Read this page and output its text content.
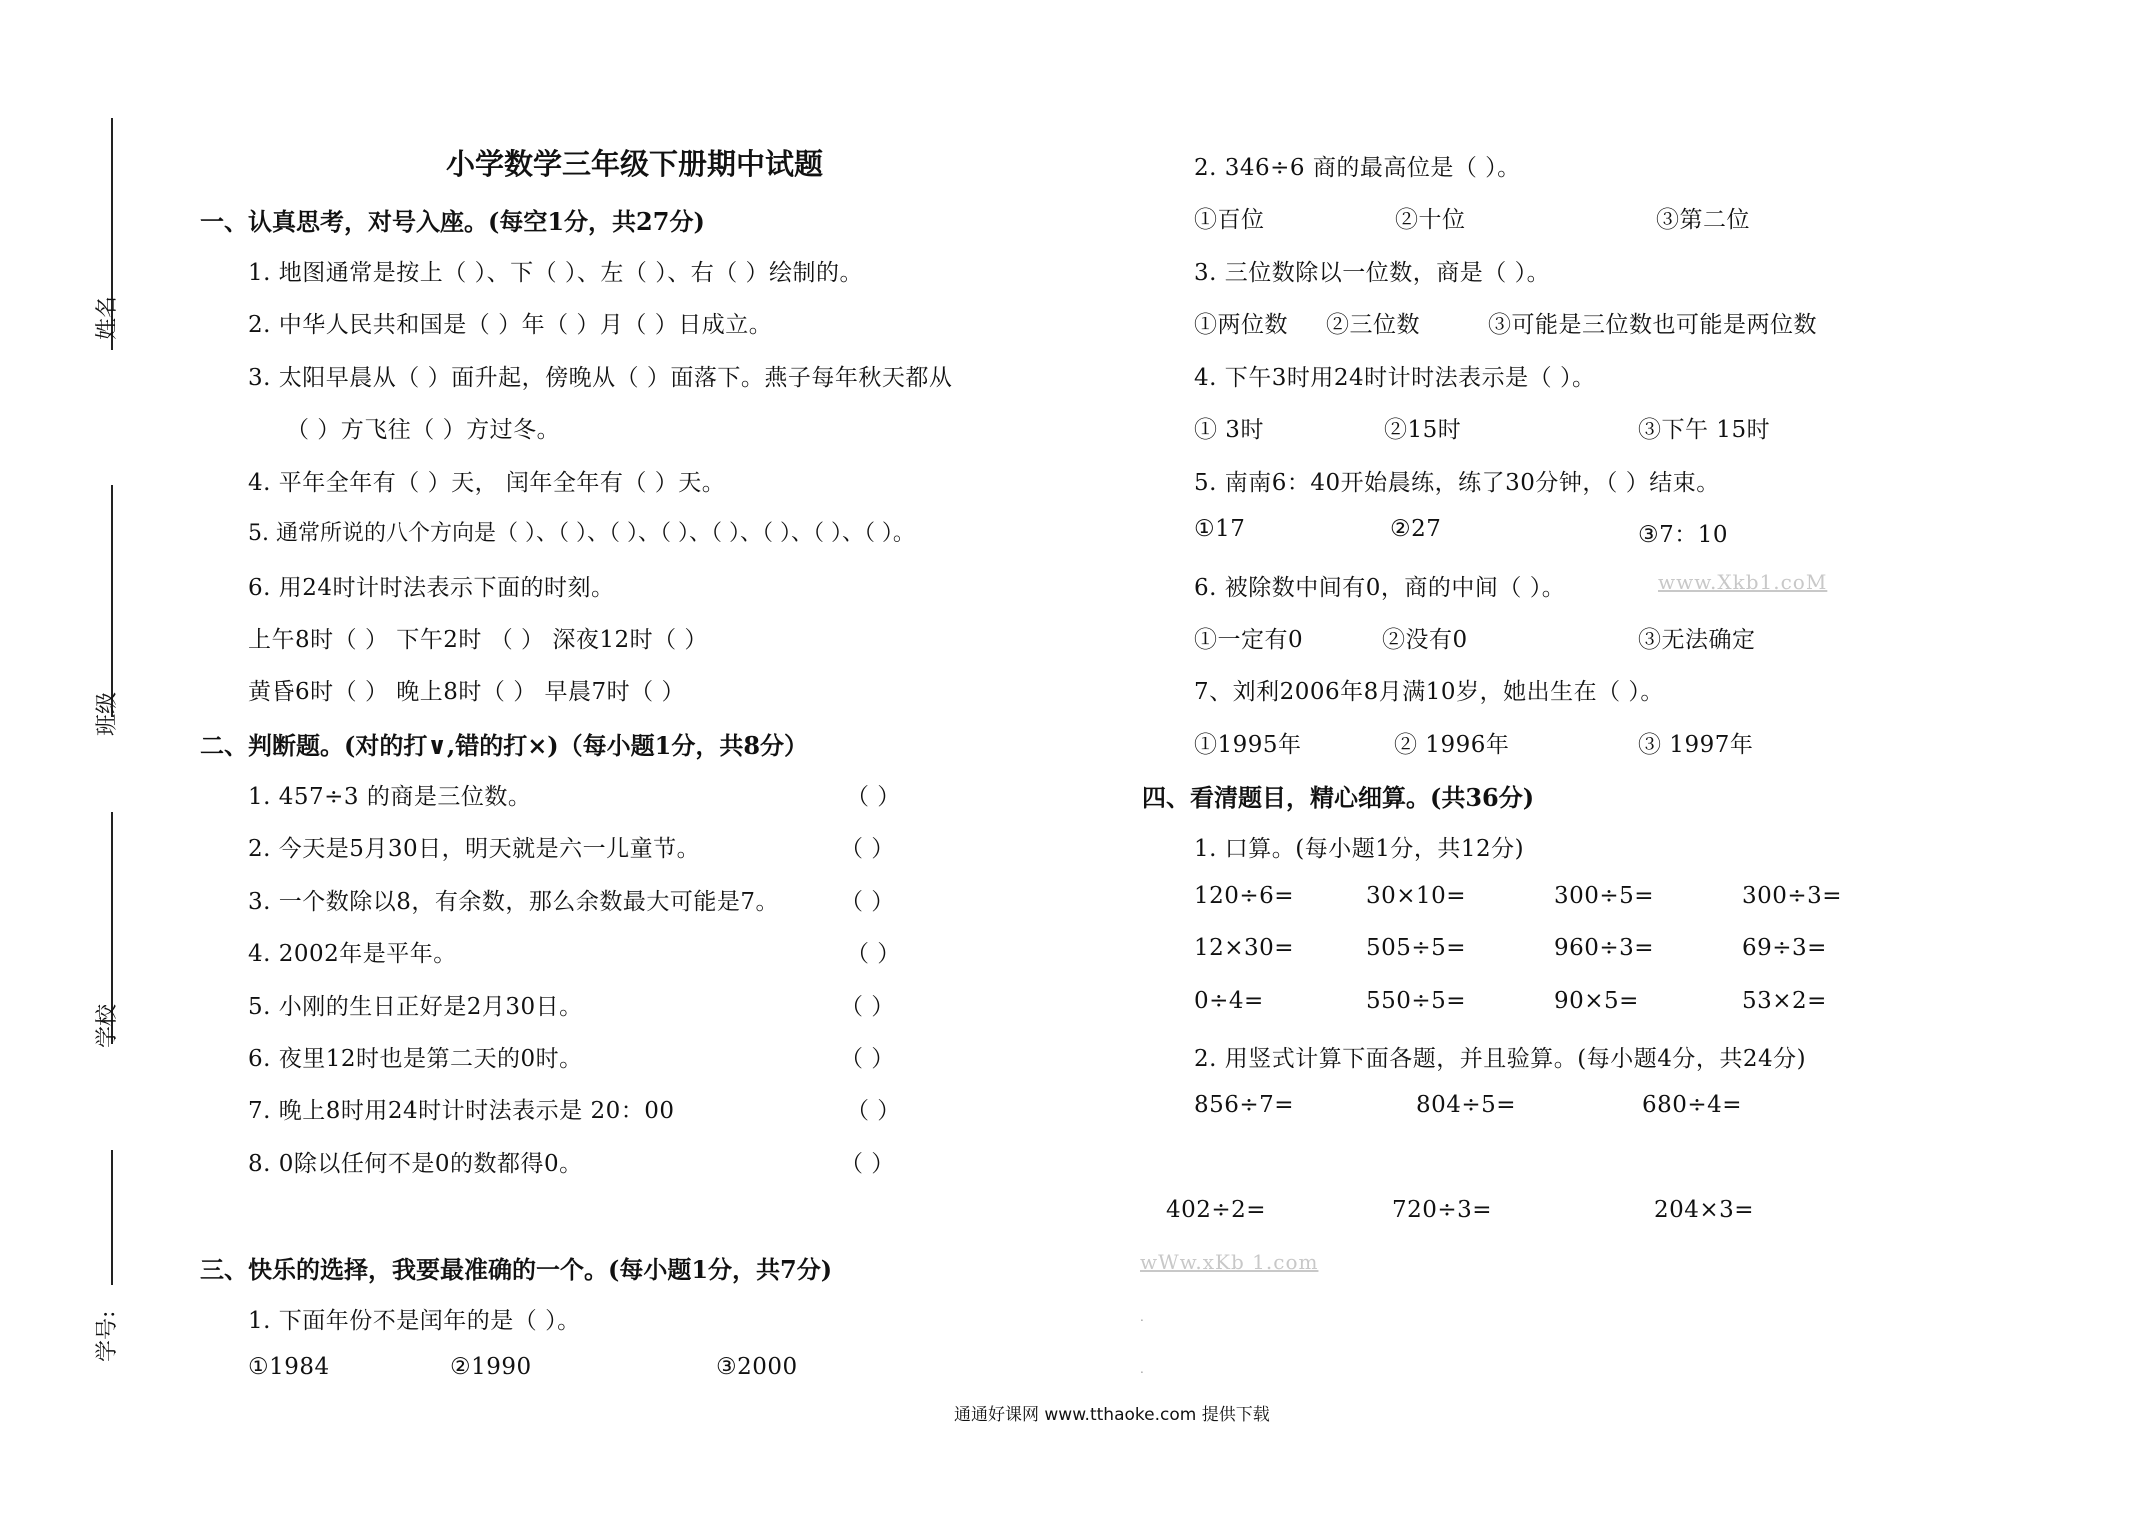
姓名
班级
学校
学号:
小学数学三年级下册期中试题
一、认真思考，对号入座。(每空1分，共27分)
1. 地图通常是按上（ ）、下（ ）、左（ ）、右（ ）绘制的。
2. 中华人民共和国是（ ）年（ ）月（ ）日成立。
3. 太阳早晨从（ ）面升起，傍晚从（ ）面落下。燕子每年秋天都从
（ ）方飞往（ ）方过冬。
4. 平年全年有（ ）天， 闰年全年有（ ）天。
5. 通常所说的八个方向是（ ）、（ ）、（ ）、（ ）、（ ）、（ ）、（ ）、（ ）。
6. 用24时计时法表示下面的时刻。
上午8时（ ） 下午2时 （ ） 深夜12时（ ）
黄昏6时（ ） 晚上8时（ ） 早晨7时（ ）
二、判断题。(对的打∨,错的打×)（每小题1分，共8分）
1. 457÷3 的商是三位数。	（ ）
2. 今天是5月30日，明天就是六一儿童节。	（ ）
3. 一个数除以8，有余数，那么余数最大可能是7。	（ ）
4. 2002年是平年。	（ ）
5. 小刚的生日正好是2月30日。	（ ）
6. 夜里12时也是第二天的0时。	（ ）
7. 晚上8时用24时计时法表示是 20：00	（ ）
8. 0除以任何不是0的数都得0。	（ ）
三、快乐的选择，我要最准确的一个。(每小题1分，共7分)
1. 下面年份不是闰年的是（ ）。
①1984	②1990	③2000
2. 346÷6 商的最高位是（ ）。
①百位	②十位	③第二位
3. 三位数除以一位数，商是（ ）。
①两位数 ②三位数	③可能是三位数也可能是两位数
4. 下午3时用24时计时法表示是（ ）。
① 3时	②15时	③下午 15时
5. 南南6：40开始晨练，练了30分钟，（ ）结束。
①17	②27	③7：10
6. 被除数中间有0，商的中间（ ）。	www.Xkb1.coM
①一定有0	②没有0	③无法确定
7、刘利2006年8月满10岁，她出生在（ ）。
①1995年	② 1996年	③ 1997年
四、看清题目，精心细算。(共36分)
1. 口算。(每小题1分，共12分)
120÷6=	30×10=	300÷5=	300÷3=
12×30=	505÷5=	960÷3=	69÷3=
0÷4=	550÷5=	90×5=	53×2=
2. 用竖式计算下面各题，并且验算。(每小题4分，共24分)
856÷7=	804÷5=	680÷4=
402÷2=	720÷3=	204×3=
wWw.xKb 1.com
.
.
通通好课网 www.tthaoke.com 提供下载
